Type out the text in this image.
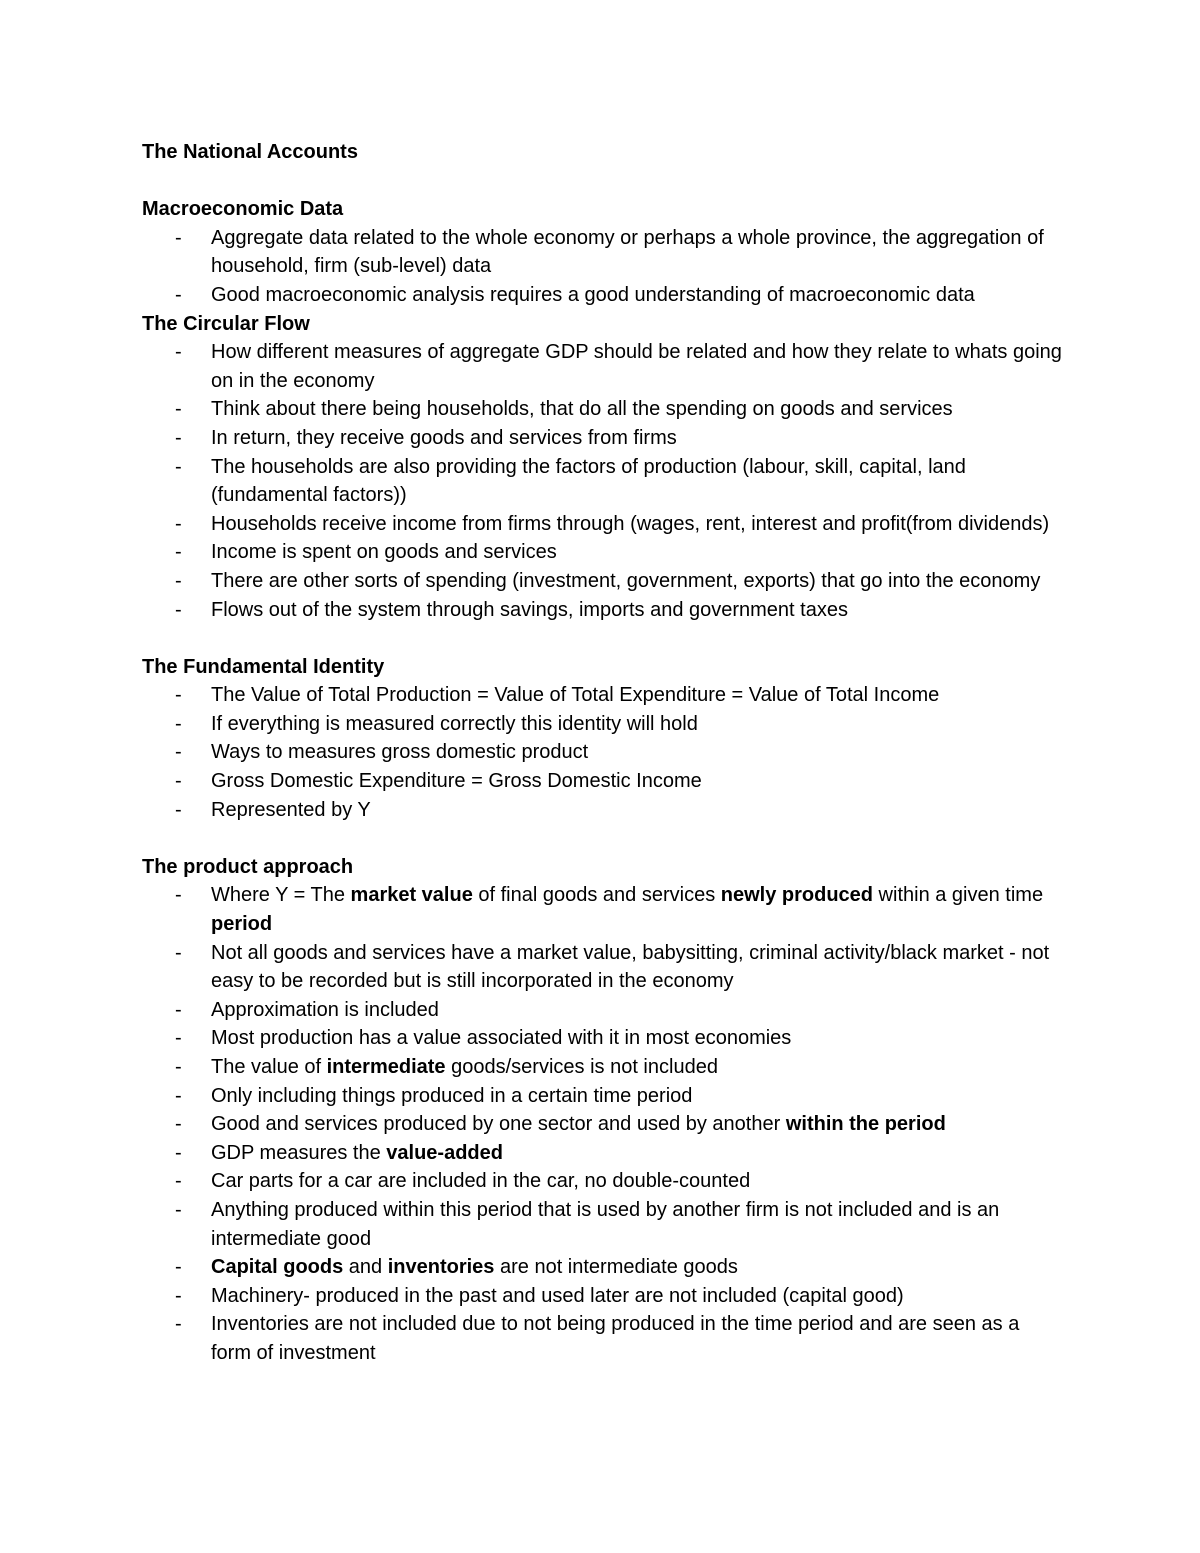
The National Accounts
Macroeconomic Data
- Aggregate data related to the whole economy or perhaps a whole province, the aggregation of household, firm (sub-level) data
- Good macroeconomic analysis requires a good understanding of macroeconomic data
The Circular Flow
- How different measures of aggregate GDP should be related and how they relate to whats going on in the economy
- Think about there being households, that do all the spending on goods and services
- In return, they receive goods and services from firms
- The households are also providing the factors of production (labour, skill, capital, land (fundamental factors))
- Households receive income from firms through (wages, rent, interest and profit(from dividends)
- Income is spent on goods and services
- There are other sorts of spending (investment, government, exports) that go into the economy
- Flows out of the system through savings, imports and government taxes
The Fundamental Identity
- The Value of Total Production = Value of Total Expenditure = Value of Total Income
- If everything is measured correctly this identity will hold
- Ways to measures gross domestic product
- Gross Domestic Expenditure = Gross Domestic Income
- Represented by Y
The product approach
- Where Y = The market value of final goods and services newly produced within a given time period
- Not all goods and services have a market value, babysitting, criminal activity/black market - not easy to be recorded but is still incorporated in the economy
- Approximation is included
- Most production has a value associated with it in most economies
- The value of intermediate goods/services is not included
- Only including things produced in a certain time period
- Good and services produced by one sector and used by another within the period
- GDP measures the value-added
- Car parts for a car are included in the car, no double-counted
- Anything produced within this period that is used by another firm is not included and is an intermediate good
- Capital goods and inventories are not intermediate goods
- Machinery- produced in the past and used later are not included (capital good)
- Inventories are not included due to not being produced in the time period and are seen as a form of investment
